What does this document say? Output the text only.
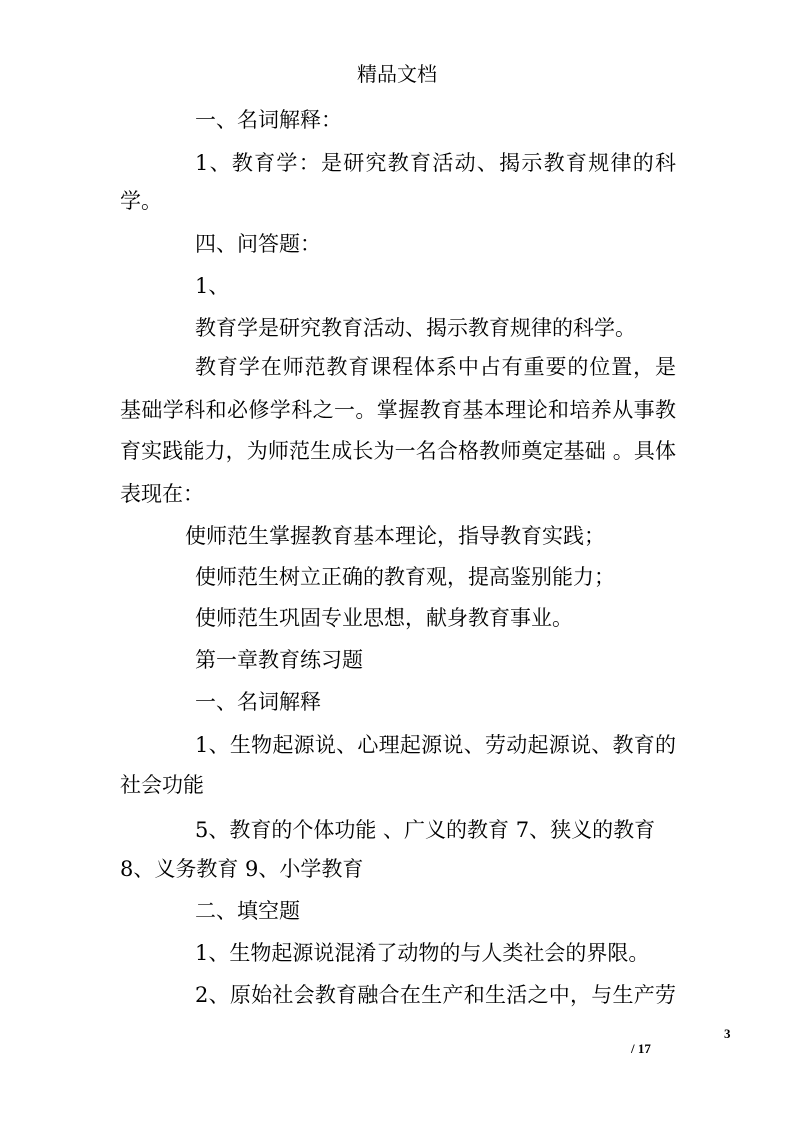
精品文档
一、名词解释：
1、教育学：是研究教育活动、揭示教育规律的科
学。
四、问答题：
1、
教育学是研究教育活动、揭示教育规律的科学。
教育学在师范教育课程体系中占有重要的位置，是
基础学科和必修学科之一。掌握教育基本理论和培养从事教
育实践能力，为师范生成长为一名合格教师奠定基础 。具体
表现在：
使师范生掌握教育基本理论，指导教育实践；
使师范生树立正确的教育观，提高鉴别能力；
使师范生巩固专业思想，献身教育事业。
第一章教育练习题
一、名词解释
1、生物起源说、心理起源说、劳动起源说、教育的
社会功能
5、教育的个体功能 、广义的教育 7、狭义的教育
8、义务教育 9、小学教育
二、填空题
1、生物起源说混淆了动物的与人类社会的界限。
2、原始社会教育融合在生产和生活之中，与生产劳
3
/ 17
